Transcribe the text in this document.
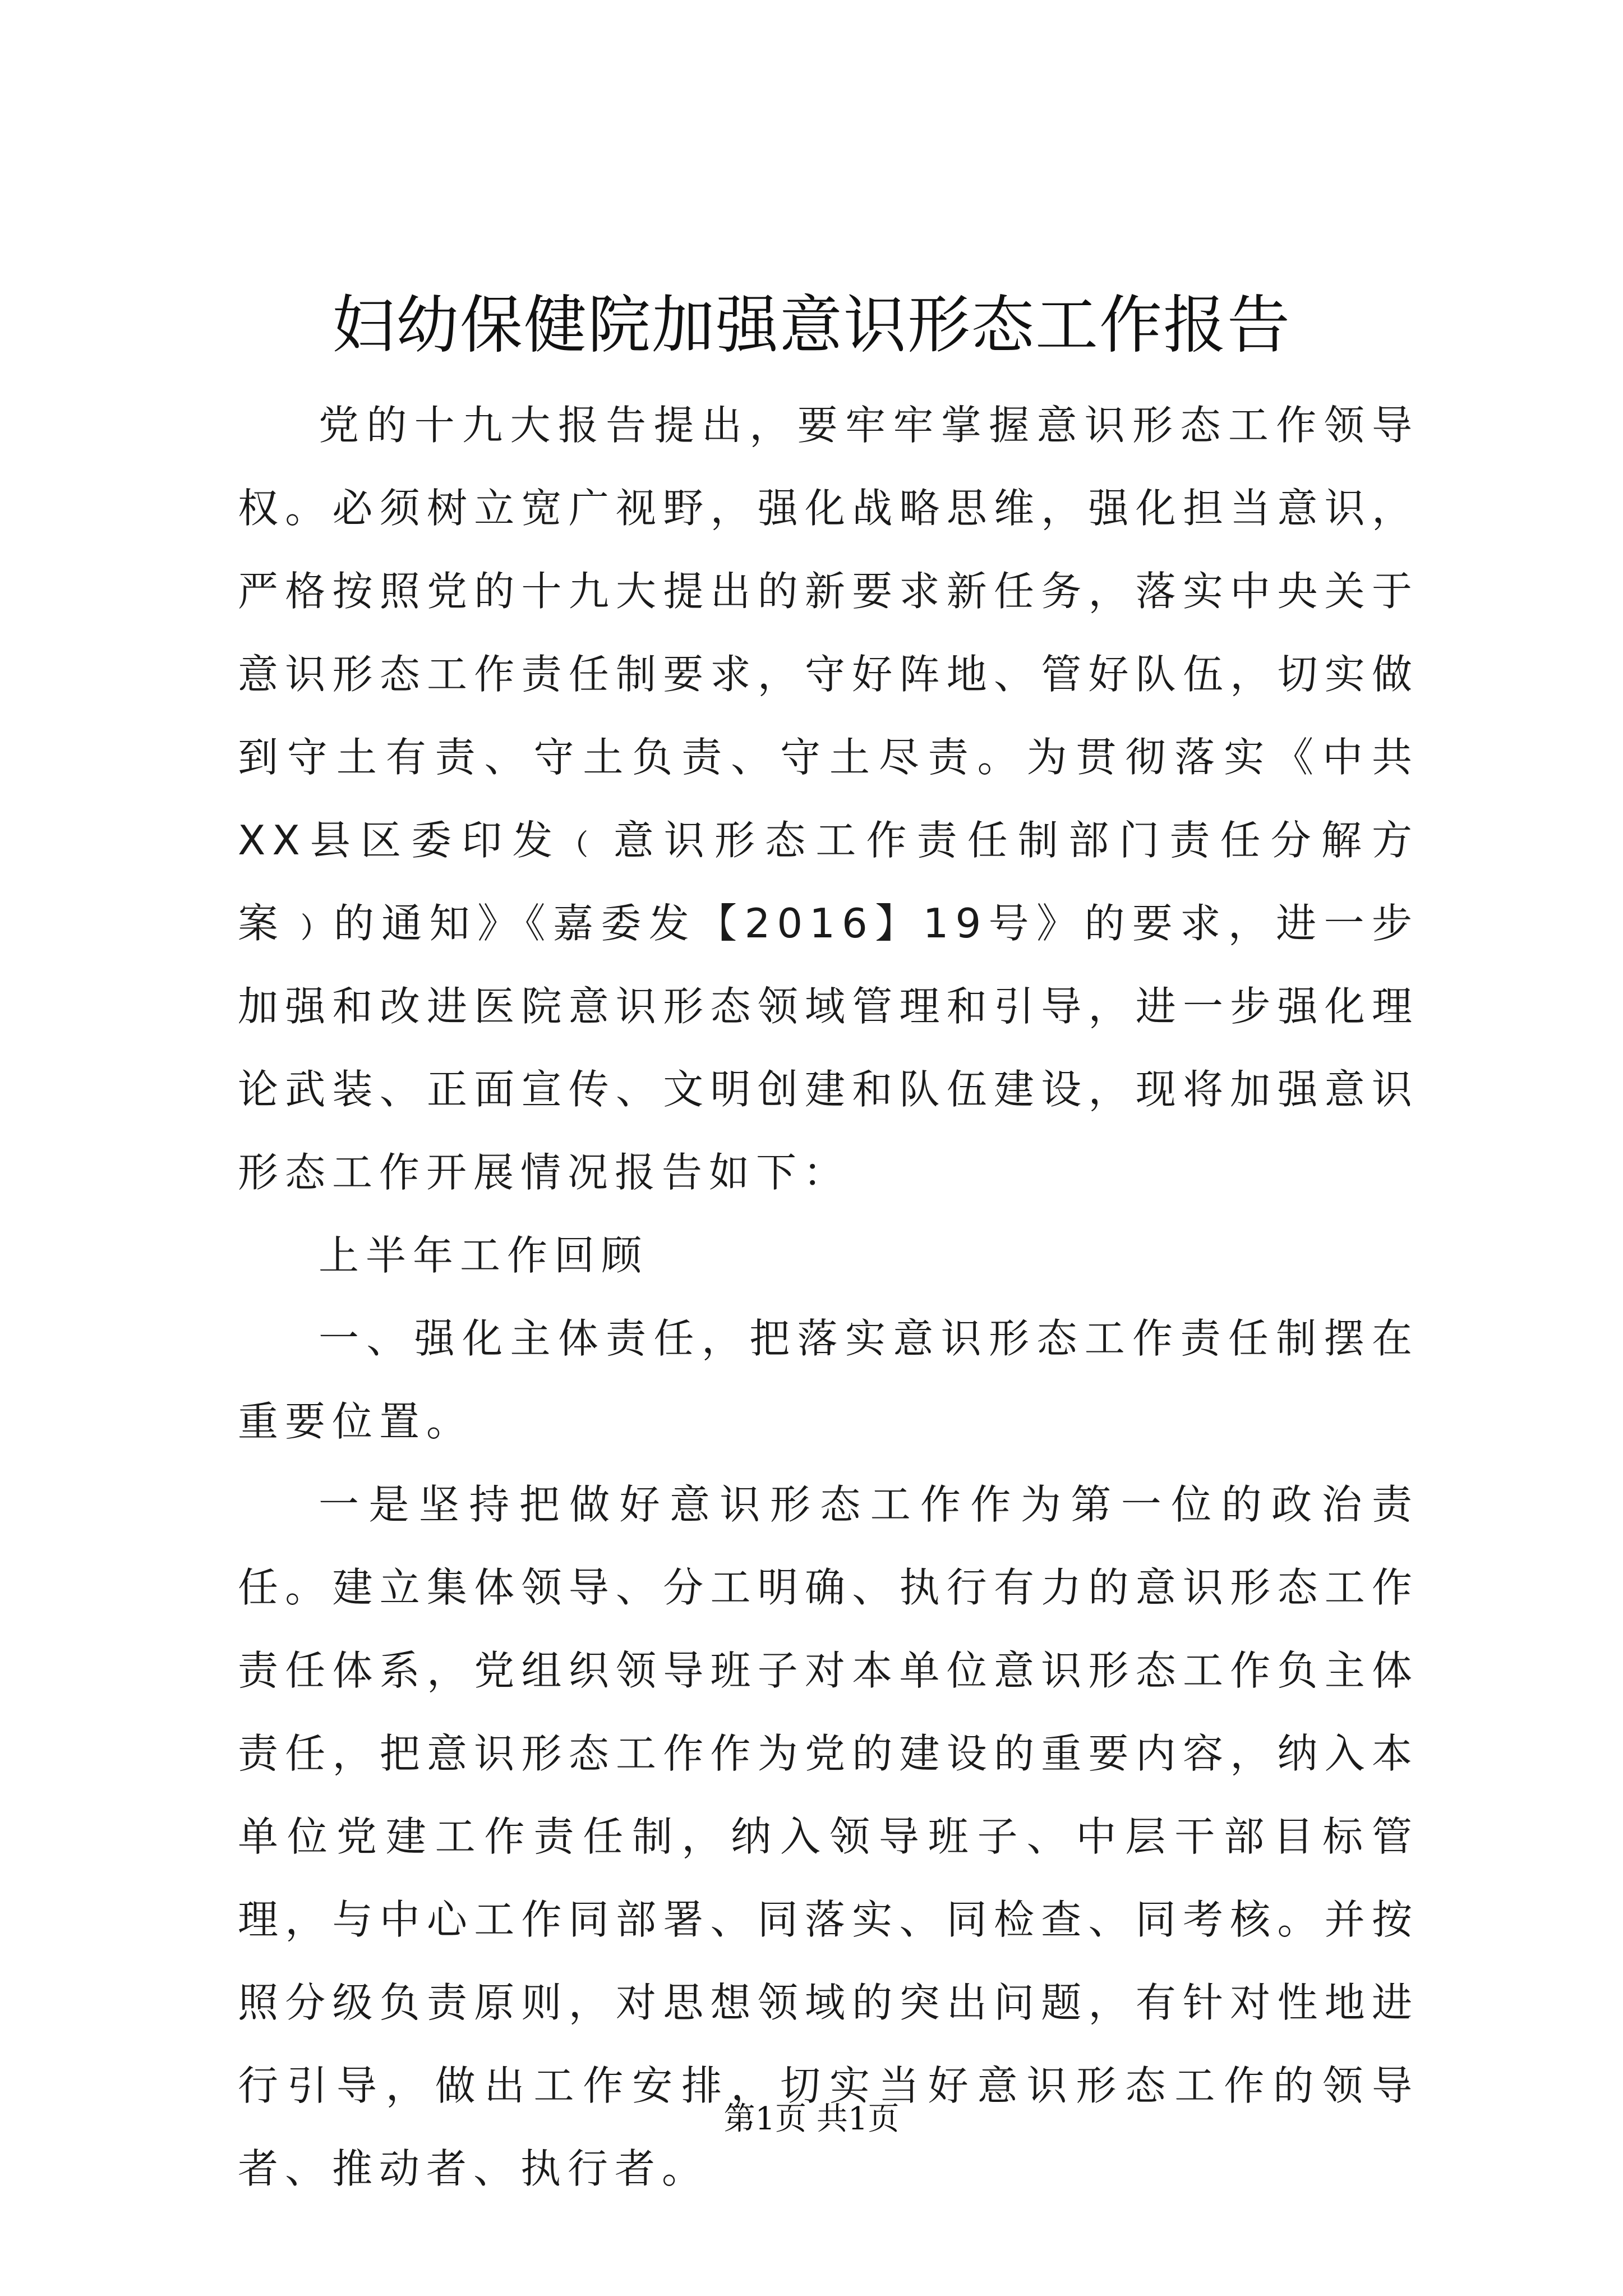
妇幼保健院加强意识形态工作报告

党的十九大报告提出，要牢牢掌握意识形态工作领导权。必须树立宽广视野，强化战略思维，强化担当意识，严格按照党的十九大提出的新要求新任务，落实中央关于意识形态工作责任制要求，守好阵地、管好队伍，切实做到守土有责、守土负责、守土尽责。为贯彻落实《中共XX县区委印发﹙意识形态工作责任制部门责任分解方案﹚的通知》《嘉委发【2016】19号》的要求，进一步加强和改进医院意识形态领域管理和引导，进一步强化理论武装、正面宣传、文明创建和队伍建设，现将加强意识形态工作开展情况报告如下：

上半年工作回顾

一、强化主体责任，把落实意识形态工作责任制摆在重要位置。

一是坚持把做好意识形态工作作为第一位的政治责任。建立集体领导、分工明确、执行有力的意识形态工作责任体系，党组织领导班子对本单位意识形态工作负主体责任，把意识形态工作作为党的建设的重要内容，纳入本单位党建工作责任制，纳入领导班子、中层干部目标管理，与中心工作同部署、同落实、同检查、同考核。并按照分级负责原则，对思想领域的突出问题，有针对性地进行引导，做出工作安排，切实当好意识形态工作的领导者、推动者、执行者。

第1页 共1页
